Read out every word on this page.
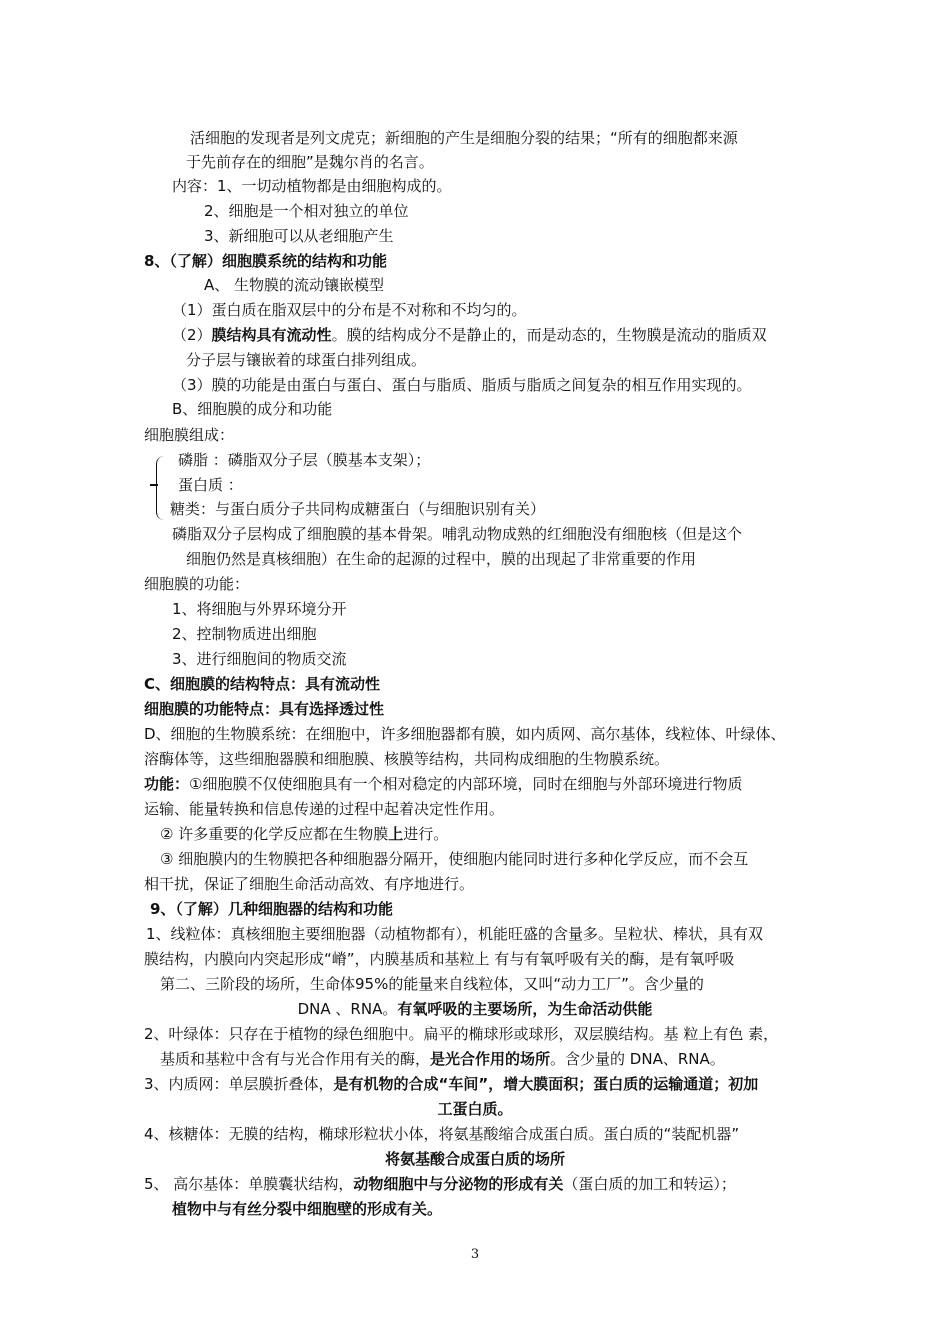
活细胞的发现者是列文虎克；新细胞的产生是细胞分裂的结果；“所有的细胞都来源
于先前存在的细胞”是魏尔肖的名言。
内容：1、一切动植物都是由细胞构成的。
2、细胞是一个相对独立的单位
3、新细胞可以从老细胞产生
8、（了解）细胞膜系统的结构和功能
A、 生物膜的流动镶嵌模型
（1）蛋白质在脂双层中的分布是不对称和不均匀的。
（2）膜结构具有流动性。膜的结构成分不是静止的，而是动态的，生物膜是流动的脂质双
分子层与镶嵌着的球蛋白排列组成。
（3）膜的功能是由蛋白与蛋白、蛋白与脂质、脂质与脂质之间复杂的相互作用实现的。
B、细胞膜的成分和功能
细胞膜组成：
磷脂 ：磷脂双分子层（膜基本支架）；
蛋白质 ：
糖类：与蛋白质分子共同构成糖蛋白（与细胞识别有关）
磷脂双分子层构成了细胞膜的基本骨架。哺乳动物成熟的红细胞没有细胞核（但是这个
细胞仍然是真核细胞）在生命的起源的过程中，膜的出现起了非常重要的作用
细胞膜的功能：
1、将细胞与外界环境分开
2、控制物质进出细胞
3、进行细胞间的物质交流
C、细胞膜的结构特点：具有流动性
细胞膜的功能特点：具有选择透过性
D、细胞的生物膜系统：在细胞中，许多细胞器都有膜，如内质网、高尔基体，线粒体、叶绿体、
溶酶体等，这些细胞器膜和细胞膜、核膜等结构，共同构成细胞的生物膜系统。
功能：①细胞膜不仅使细胞具有一个相对稳定的内部环境，同时在细胞与外部环境进行物质
运输、能量转换和信息传递的过程中起着决定性作用。
② 许多重要的化学反应都在生物膜上进行。
③ 细胞膜内的生物膜把各种细胞器分隔开，使细胞内能同时进行多种化学反应，而不会互
相干扰，保证了细胞生命活动高效、有序地进行。
9、（了解）几种细胞器的结构和功能
1、线粒体：真核细胞主要细胞器（动植物都有），机能旺盛的含量多。呈粒状、棒状，具有双
膜结构，内膜向内突起形成“嵴”，内膜基质和基粒上 有与有氧呼吸有关的酶，是有氧呼吸
第二、三阶段的场所，生命体95%的能量来自线粒体，又叫“动力工厂”。含少量的
DNA 、RNA。有氧呼吸的主要场所，为生命活动供能
2、叶绿体：只存在于植物的绿色细胞中。扁平的椭球形或球形，双层膜结构。基 粒上有色 素，
基质和基粒中含有与光合作用有关的酶，是光合作用的场所。含少量的 DNA、RNA。
3、内质网：单层膜折叠体，是有机物的合成“车间”，增大膜面积；蛋白质的运输通道；初加
工蛋白质。
4、核糖体：无膜的结构，椭球形粒状小体，将氨基酸缩合成蛋白质。蛋白质的“装配机器”
将氨基酸合成蛋白质的场所
5、 高尔基体：单膜囊状结构，动物细胞中与分泌物的形成有关（蛋白质的加工和转运）；
植物中与有丝分裂中细胞壁的形成有关。
3
